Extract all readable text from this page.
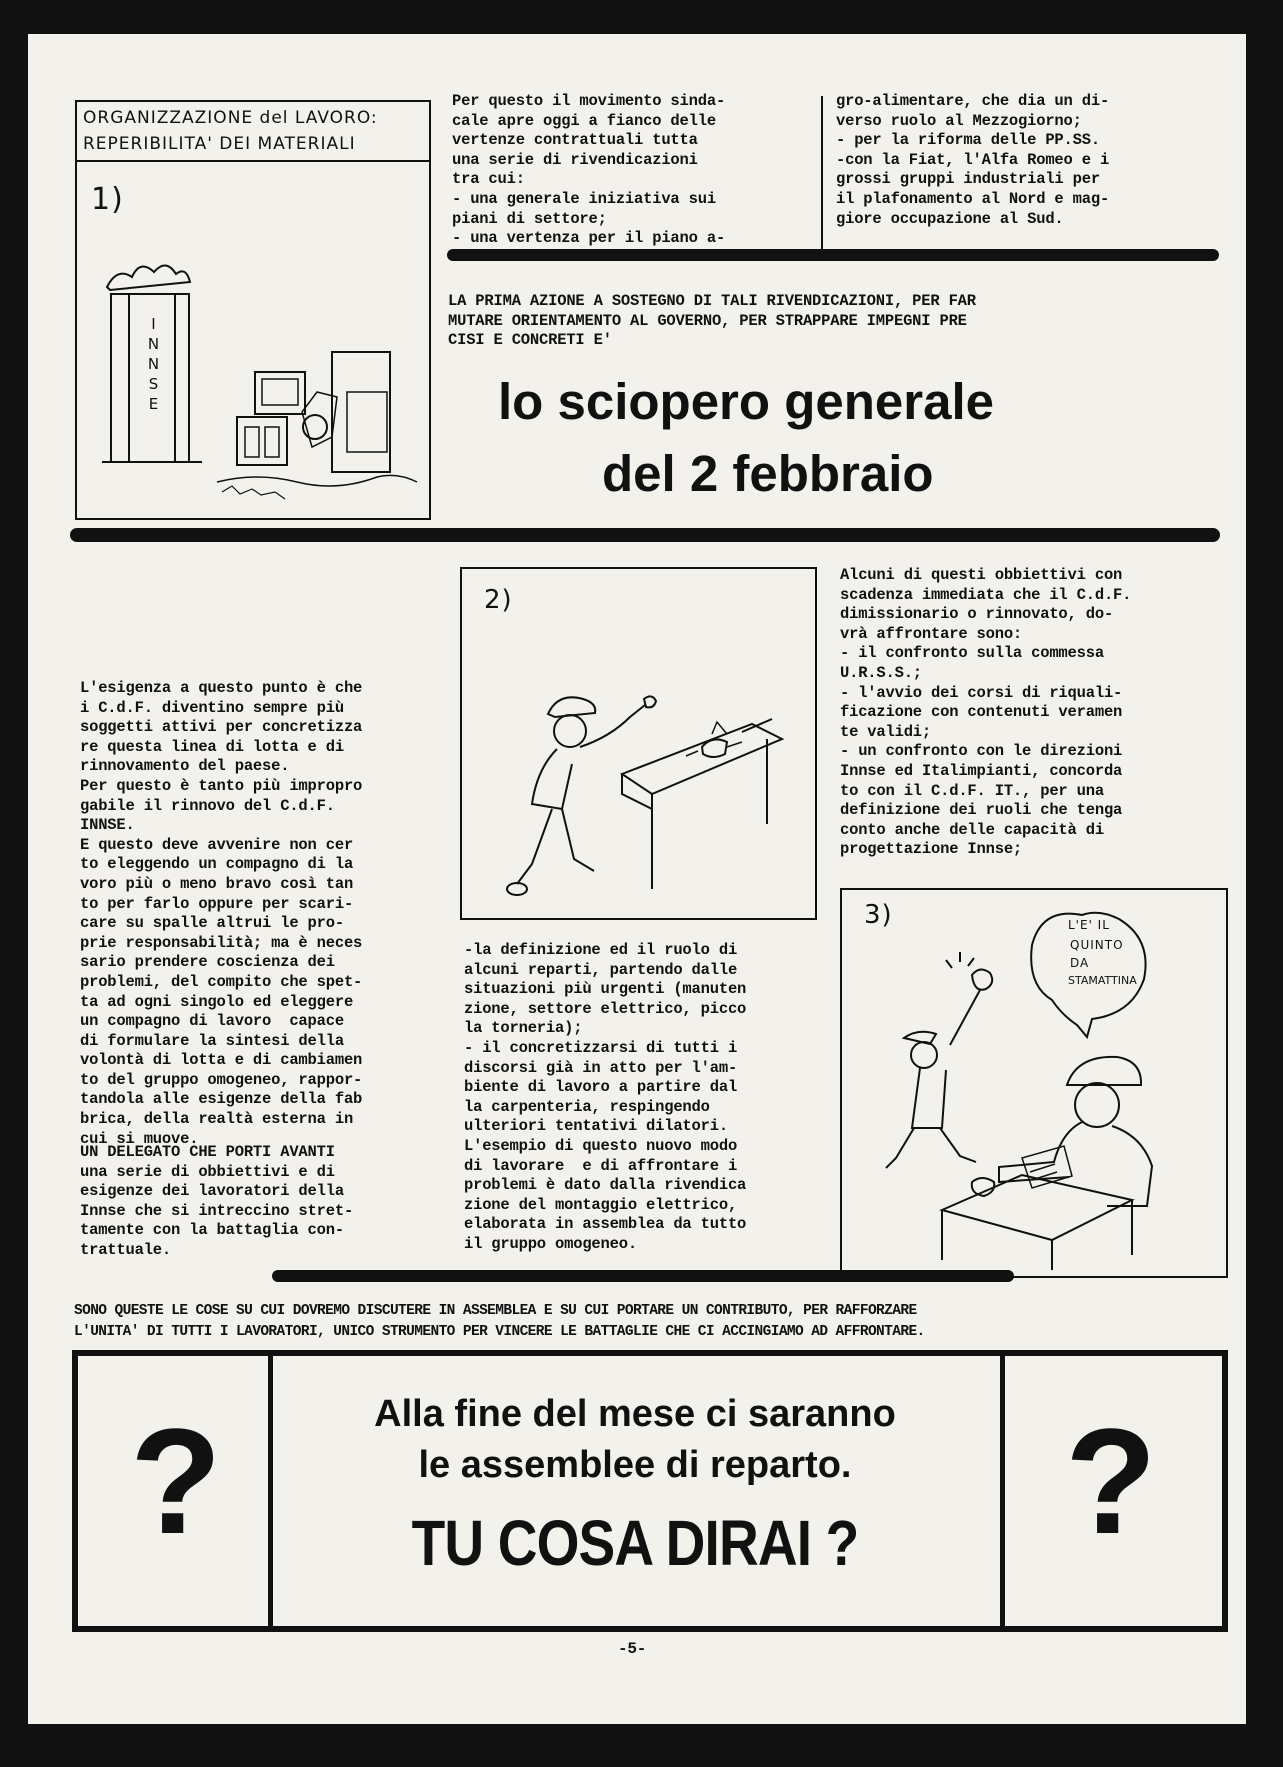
ORGANIZZAZIONE del LAVORO:
REPERIBILITA' DEI MATERIALI
1)
INNSE
Per questo il movimento sinda-
cale apre oggi a fianco delle
vertenze contrattuali tutta
una serie di rivendicazioni
tra cui:
- una generale iniziativa sui
piani di settore;
- una vertenza per il piano a-
gro-alimentare, che dia un di-
verso ruolo al Mezzogiorno;
- per la riforma delle PP.SS.
-con la Fiat, l'Alfa Romeo e i
grossi gruppi industriali per
il plafonamento al Nord e mag-
giore occupazione al Sud.
LA PRIMA AZIONE A SOSTEGNO DI TALI RIVENDICAZIONI, PER FAR
MUTARE ORIENTAMENTO AL GOVERNO, PER STRAPPARE IMPEGNI PRE
CISI E CONCRETI E'
lo sciopero generale
del 2 febbraio
L'esigenza a questo punto è che
i C.d.F. diventino sempre più
soggetti attivi per concretizza
re questa linea di lotta e di
rinnovamento del paese.
Per questo è tanto più impropro
gabile il rinnovo del C.d.F.
INNSE.
E questo deve avvenire non cer
to eleggendo un compagno di la
voro più o meno bravo così tan
to per farlo oppure per scari-
care su spalle altrui le pro-
prie responsabilità; ma è neces
sario prendere coscienza dei
problemi, del compito che spet-
ta ad ogni singolo ed eleggere
un compagno di lavoro  capace
di formulare la sintesi della
volontà di lotta e di cambiamen
to del gruppo omogeneo, rappor-
tandola alle esigenze della fab
brica, della realtà esterna in
cui si muove.
UN DELEGATO CHE PORTI AVANTI
una serie di obbiettivi e di
esigenze dei lavoratori della
Innse che si intreccino stret-
tamente con la battaglia con-
trattuale.
2)
-la definizione ed il ruolo di
alcuni reparti, partendo dalle
situazioni più urgenti (manuten
zione, settore elettrico, picco
la torneria);
- il concretizzarsi di tutti i
discorsi già in atto per l'am-
biente di lavoro a partire dal
la carpenteria, respingendo
ulteriori tentativi dilatori.
L'esempio di questo nuovo modo
di lavorare  e di affrontare i
problemi è dato dalla rivendica
zione del montaggio elettrico,
elaborata in assemblea da tutto
il gruppo omogeneo.
Alcuni di questi obbiettivi con
scadenza immediata che il C.d.F.
dimissionario o rinnovato, do-
vrà affrontare sono:
- il confronto sulla commessa
U.R.S.S.;
- l'avvio dei corsi di riquali-
ficazione con contenuti veramen
te validi;
- un confronto con le direzioni
Innse ed Italimpianti, concorda
to con il C.d.F. IT., per una
definizione dei ruoli che tenga
conto anche delle capacità di
progettazione Innse;
3)	L'E' IL
QUINTO
DA
STAMATTINA
SONO QUESTE LE COSE SU CUI DOVREMO DISCUTERE IN ASSEMBLEA E SU CUI PORTARE UN CONTRIBUTO, PER RAFFORZARE
L'UNITA' DI TUTTI I LAVORATORI, UNICO STRUMENTO PER VINCERE LE BATTAGLIE CHE CI ACCINGIAMO AD AFFRONTARE.
?	?
Alla fine del mese ci saranno
le assemblee di reparto.
TU COSA DIRAI ?
-5-
